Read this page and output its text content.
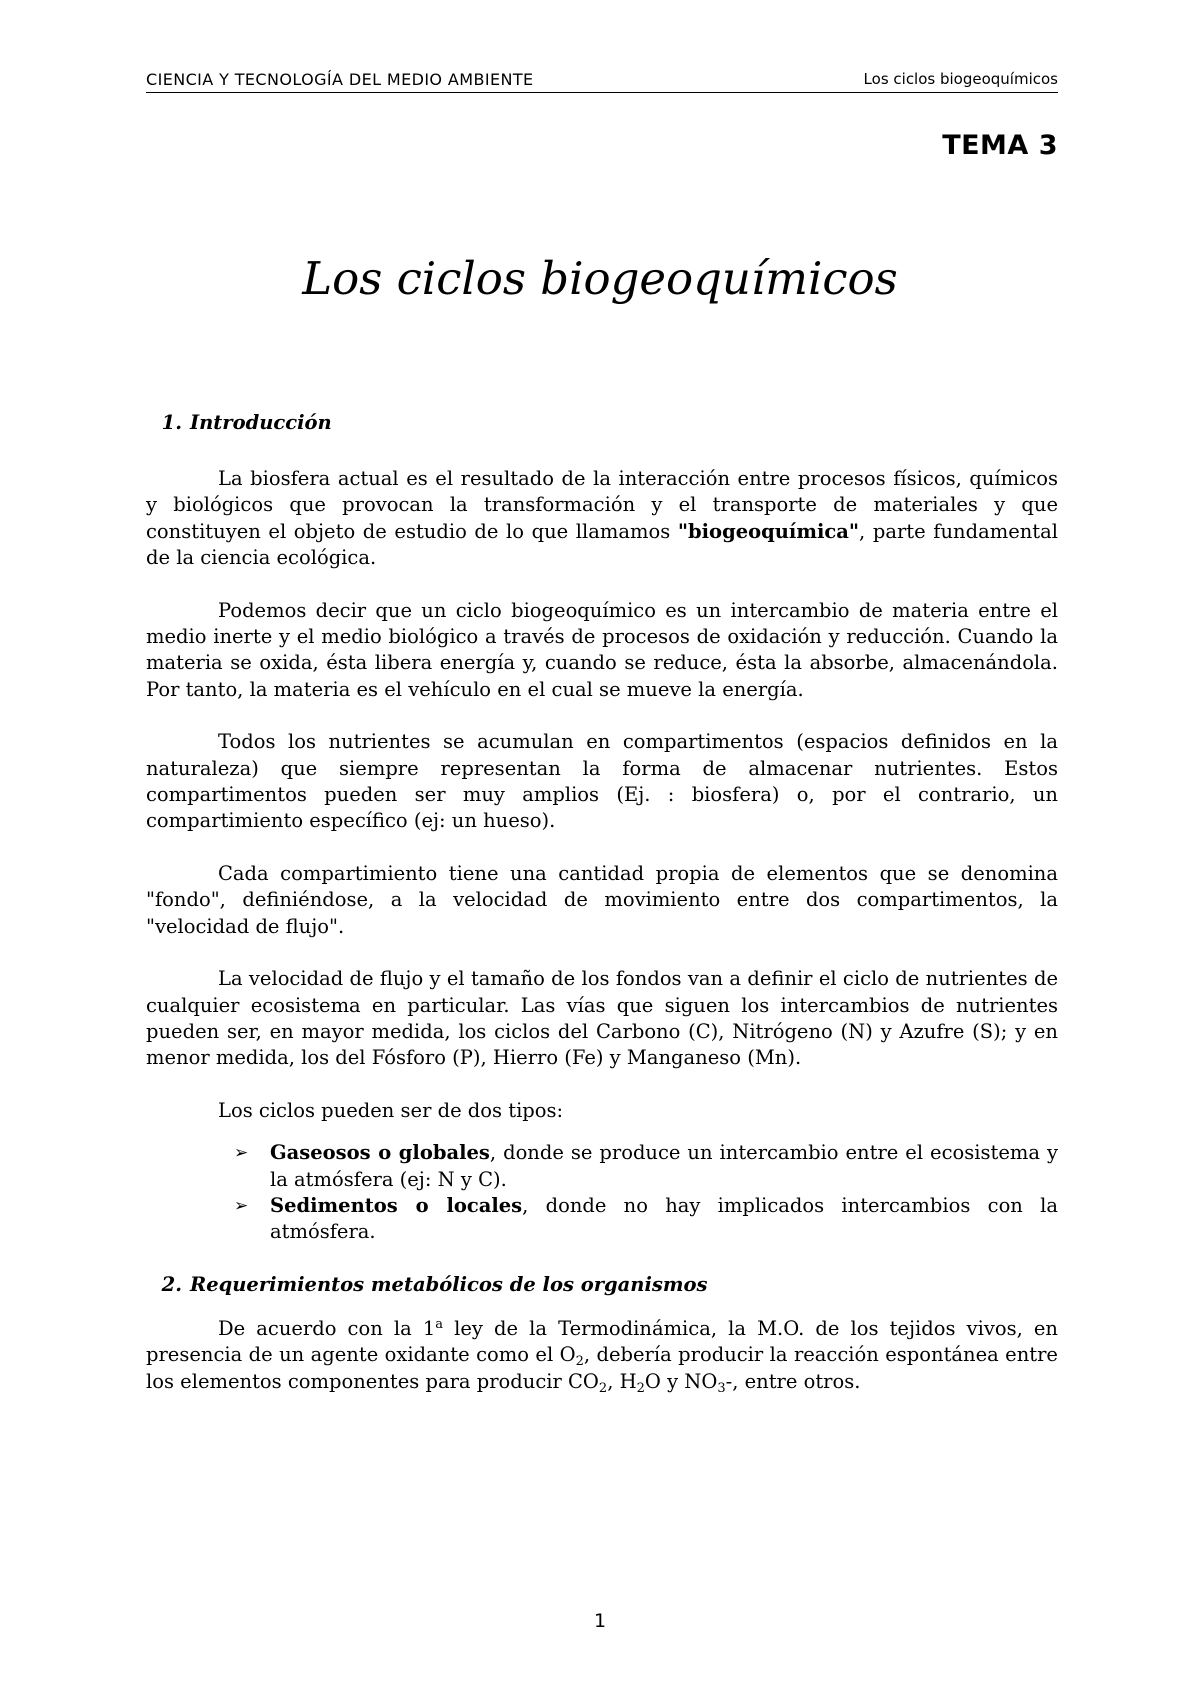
CIENCIA Y TECNOLOGÍA DEL MEDIO AMBIENTE	Los ciclos biogeoquímicos
TEMA 3
Los ciclos biogeoquímicos
1. Introducción

La biosfera actual es el resultado de la interacción entre procesos físicos, químicos y biológicos que provocan la transformación y el transporte de materiales y que constituyen el objeto de estudio de lo que llamamos "biogeoquímica", parte fundamental de la ciencia ecológica.

Podemos decir que un ciclo biogeoquímico es un intercambio de materia entre el medio inerte y el medio biológico a través de procesos de oxidación y reducción. Cuando la materia se oxida, ésta libera energía y, cuando se reduce, ésta la absorbe, almacenándola. Por tanto, la materia es el vehículo en el cual se mueve la energía.

Todos los nutrientes se acumulan en compartimentos (espacios definidos en la naturaleza) que siempre representan la forma de almacenar nutrientes. Estos compartimentos pueden ser muy amplios (Ej. : biosfera) o, por el contrario, un compartimiento específico (ej: un hueso).

Cada compartimiento tiene una cantidad propia de elementos que se denomina "fondo", definiéndose, a la velocidad de movimiento entre dos compartimentos, la "velocidad de flujo".

La velocidad de flujo y el tamaño de los fondos van a definir el ciclo de nutrientes de cualquier ecosistema en particular. Las vías que siguen los intercambios de nutrientes pueden ser, en mayor medida, los ciclos del Carbono (C), Nitrógeno (N) y Azufre (S); y en menor medida, los del Fósforo (P), Hierro (Fe) y Manganeso (Mn).

Los ciclos pueden ser de dos tipos:

➢ Gaseosos o globales, donde se produce un intercambio entre el ecosistema y la atmósfera (ej: N y C).
➢ Sedimentos o locales, donde no hay implicados intercambios con la atmósfera.
2. Requerimientos metabólicos de los organismos

De acuerdo con la 1$^a$ ley de la Termodinámica, la M.O. de los tejidos vivos, en presencia de un agente oxidante como el $O_2$, debería producir la reacción espontánea entre los elementos componentes para producir $CO_2$, $H_2O$ y $NO_3-$, entre otros.

1
